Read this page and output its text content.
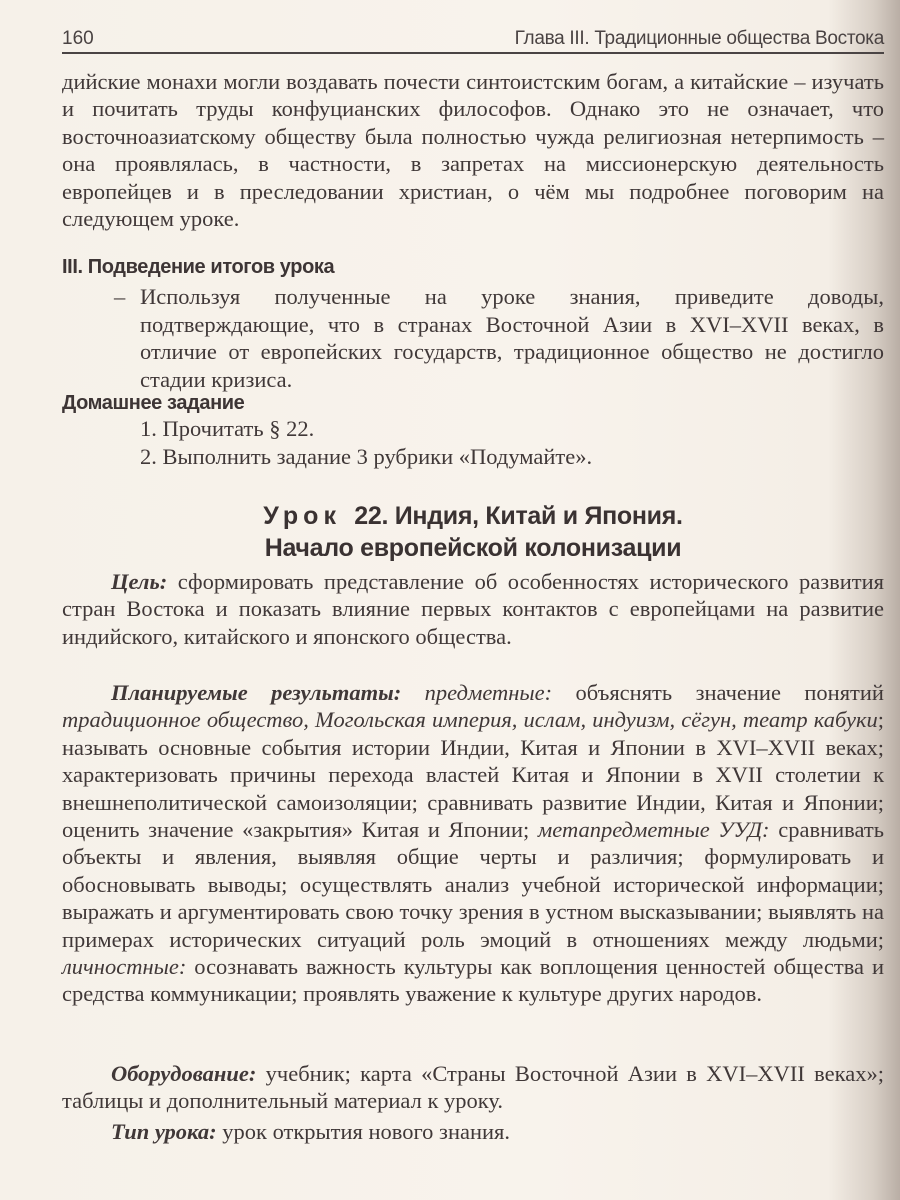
160	Глава III. Традиционные общества Востока

дийские монахи могли воздавать почести синтоистским богам, а китайские – изучать и почитать труды конфуцианских философов. Однако это не означает, что восточноазиатскому обществу была полностью чужда религиозная нетерпимость – она проявлялась, в частности, в запретах на миссионерскую деятельность европейцев и в преследовании христиан, о чём мы подробнее поговорим на следующем уроке.

III. Подведение итогов урока
– Используя полученные на уроке знания, приведите доводы, подтверждающие, что в странах Восточной Азии в XVI–XVII веках, в отличие от европейских государств, традиционное общество не достигло стадии кризиса.
Домашнее задание
1. Прочитать § 22.
2. Выполнить задание 3 рубрики «Подумайте».
Урок 22. Индия, Китай и Япония.
Начало европейской колонизации

Цель: сформировать представление об особенностях исторического развития стран Востока и показать влияние первых контактов с европейцами на развитие индийского, китайского и японского общества.

Планируемые результаты: предметные: объяснять значение понятий традиционное общество, Могольская империя, ислам, индуизм, сёгун, театр кабуки; называть основные события истории Индии, Китая и Японии в XVI–XVII веках; характеризовать причины перехода властей Китая и Японии в XVII столетии к внешнеполитической самоизоляции; сравнивать развитие Индии, Китая и Японии; оценить значение «закрытия» Китая и Японии; метапредметные УУД: сравнивать объекты и явления, выявляя общие черты и различия; формулировать и обосновывать выводы; осуществлять анализ учебной исторической информации; выражать и аргументировать свою точку зрения в устном высказывании; выявлять на примерах исторических ситуаций роль эмоций в отношениях между людьми; личностные: осознавать важность культуры как воплощения ценностей общества и средства коммуникации; проявлять уважение к культуре других народов.

Оборудование: учебник; карта «Страны Восточной Азии в XVI–XVII веках»; таблицы и дополнительный материал к уроку.

Тип урока: урок открытия нового знания.
